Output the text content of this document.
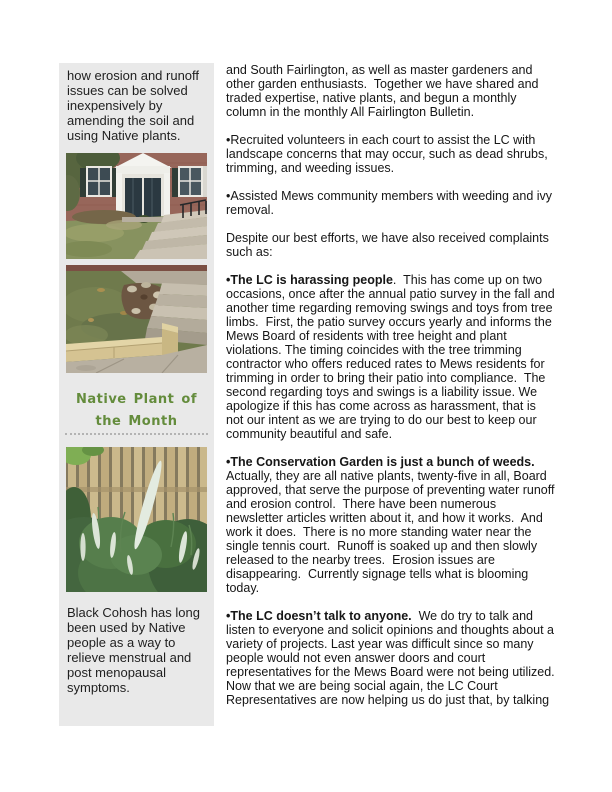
how erosion and runoff issues can be solved inexpensively by amending the soil and using Native plants.

Native Plant of the Month

Black Cohosh has long been used by Native people as a way to relieve menstrual and post menopausal symptoms.

and South Fairlington, as well as master gardeners and other garden enthusiasts.  Together we have shared and traded expertise, native plants, and begun a monthly column in the monthly All Fairlington Bulletin.

•Recruited volunteers in each court to assist the LC with landscape concerns that may occur, such as dead shrubs, trimming, and weeding issues.

•Assisted Mews community members with weeding and ivy removal.

Despite our best efforts, we have also received complaints such as:

•The LC is harassing people.  This has come up on two occasions, once after the annual patio survey in the fall and another time regarding removing swings and toys from tree limbs.  First, the patio survey occurs yearly and informs the Mews Board of residents with tree height and plant violations. The timing coincides with the tree trimming contractor who offers reduced rates to Mews residents for trimming in order to bring their patio into compliance.  The second regarding toys and swings is a liability issue. We apologize if this has come across as harassment, that is not our intent as we are trying to do our best to keep our community beautiful and safe.

•The Conservation Garden is just a bunch of weeds. Actually, they are all native plants, twenty-five in all, Board approved, that serve the purpose of preventing water runoff and erosion control.  There have been numerous newsletter articles written about it, and how it works.  And work it does.  There is no more standing water near the single tennis court.  Runoff is soaked up and then slowly released to the nearby trees.  Erosion issues are disappearing.  Currently signage tells what is blooming today.

•The LC doesn’t talk to anyone.  We do try to talk and listen to everyone and solicit opinions and thoughts about a variety of projects. Last year was difficult since so many people would not even answer doors and court representatives for the Mews Board were not being utilized. Now that we are being social again, the LC Court Representatives are now helping us do just that, by talking
